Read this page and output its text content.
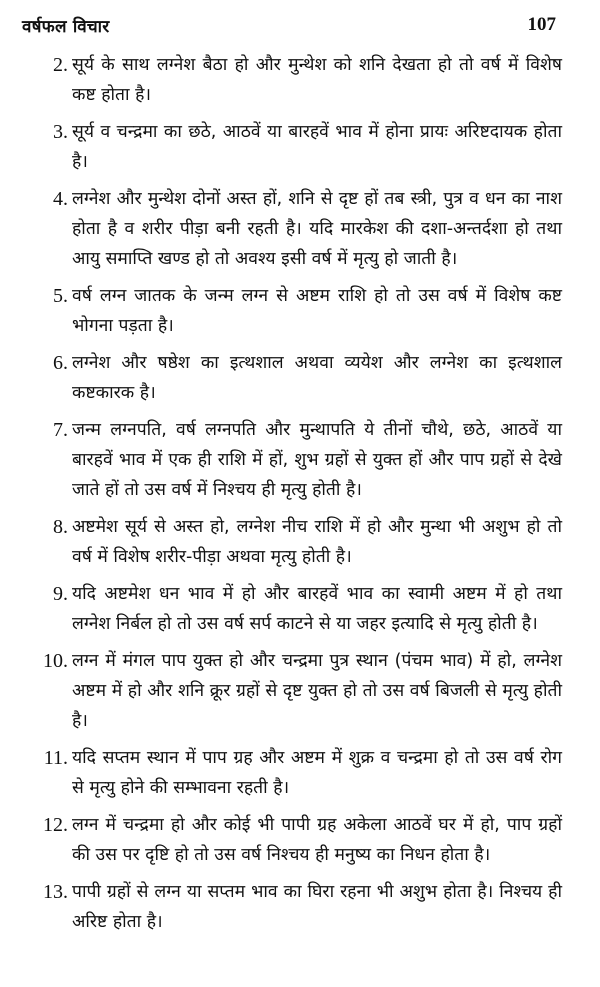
वर्षफल विचार	107
2. सूर्य के साथ लग्नेश बैठा हो और मुन्थेश को शनि देखता हो तो वर्ष में विशेष कष्ट होता है।
3. सूर्य व चन्द्रमा का छठे, आठवें या बारहवें भाव में होना प्रायः अरिष्टदायक होता है।
4. लग्नेश और मुन्थेश दोनों अस्त हों, शनि से दृष्ट हों तब स्त्री, पुत्र व धन का नाश होता है व शरीर पीड़ा बनी रहती है। यदि मारकेश की दशा-अन्तर्दशा हो तथा आयु समाप्ति खण्ड हो तो अवश्य इसी वर्ष में मृत्यु हो जाती है।
5. वर्ष लग्न जातक के जन्म लग्न से अष्टम राशि हो तो उस वर्ष में विशेष कष्ट भोगना पड़ता है।
6. लग्नेश और षष्ठेश का इत्थशाल अथवा व्ययेश और लग्नेश का इत्थशाल कष्टकारक है।
7. जन्म लग्नपति, वर्ष लग्नपति और मुन्थापति ये तीनों चौथे, छठे, आठवें या बारहवें भाव में एक ही राशि में हों, शुभ ग्रहों से युक्त हों और पाप ग्रहों से देखे जाते हों तो उस वर्ष में निश्चय ही मृत्यु होती है।
8. अष्टमेश सूर्य से अस्त हो, लग्नेश नीच राशि में हो और मुन्था भी अशुभ हो तो वर्ष में विशेष शरीर-पीड़ा अथवा मृत्यु होती है।
9. यदि अष्टमेश धन भाव में हो और बारहवें भाव का स्वामी अष्टम में हो तथा लग्नेश निर्बल हो तो उस वर्ष सर्प काटने से या जहर इत्यादि से मृत्यु होती है।
10. लग्न में मंगल पाप युक्त हो और चन्द्रमा पुत्र स्थान (पंचम भाव) में हो, लग्नेश अष्टम में हो और शनि क्रूर ग्रहों से दृष्ट युक्त हो तो उस वर्ष बिजली से मृत्यु होती है।
11. यदि सप्तम स्थान में पाप ग्रह और अष्टम में शुक्र व चन्द्रमा हो तो उस वर्ष रोग से मृत्यु होने की सम्भावना रहती है।
12. लग्न में चन्द्रमा हो और कोई भी पापी ग्रह अकेला आठवें घर में हो, पाप ग्रहों की उस पर दृष्टि हो तो उस वर्ष निश्चय ही मनुष्य का निधन होता है।
13. पापी ग्रहों से लग्न या सप्तम भाव का घिरा रहना भी अशुभ होता है। निश्चय ही अरिष्ट होता है।
